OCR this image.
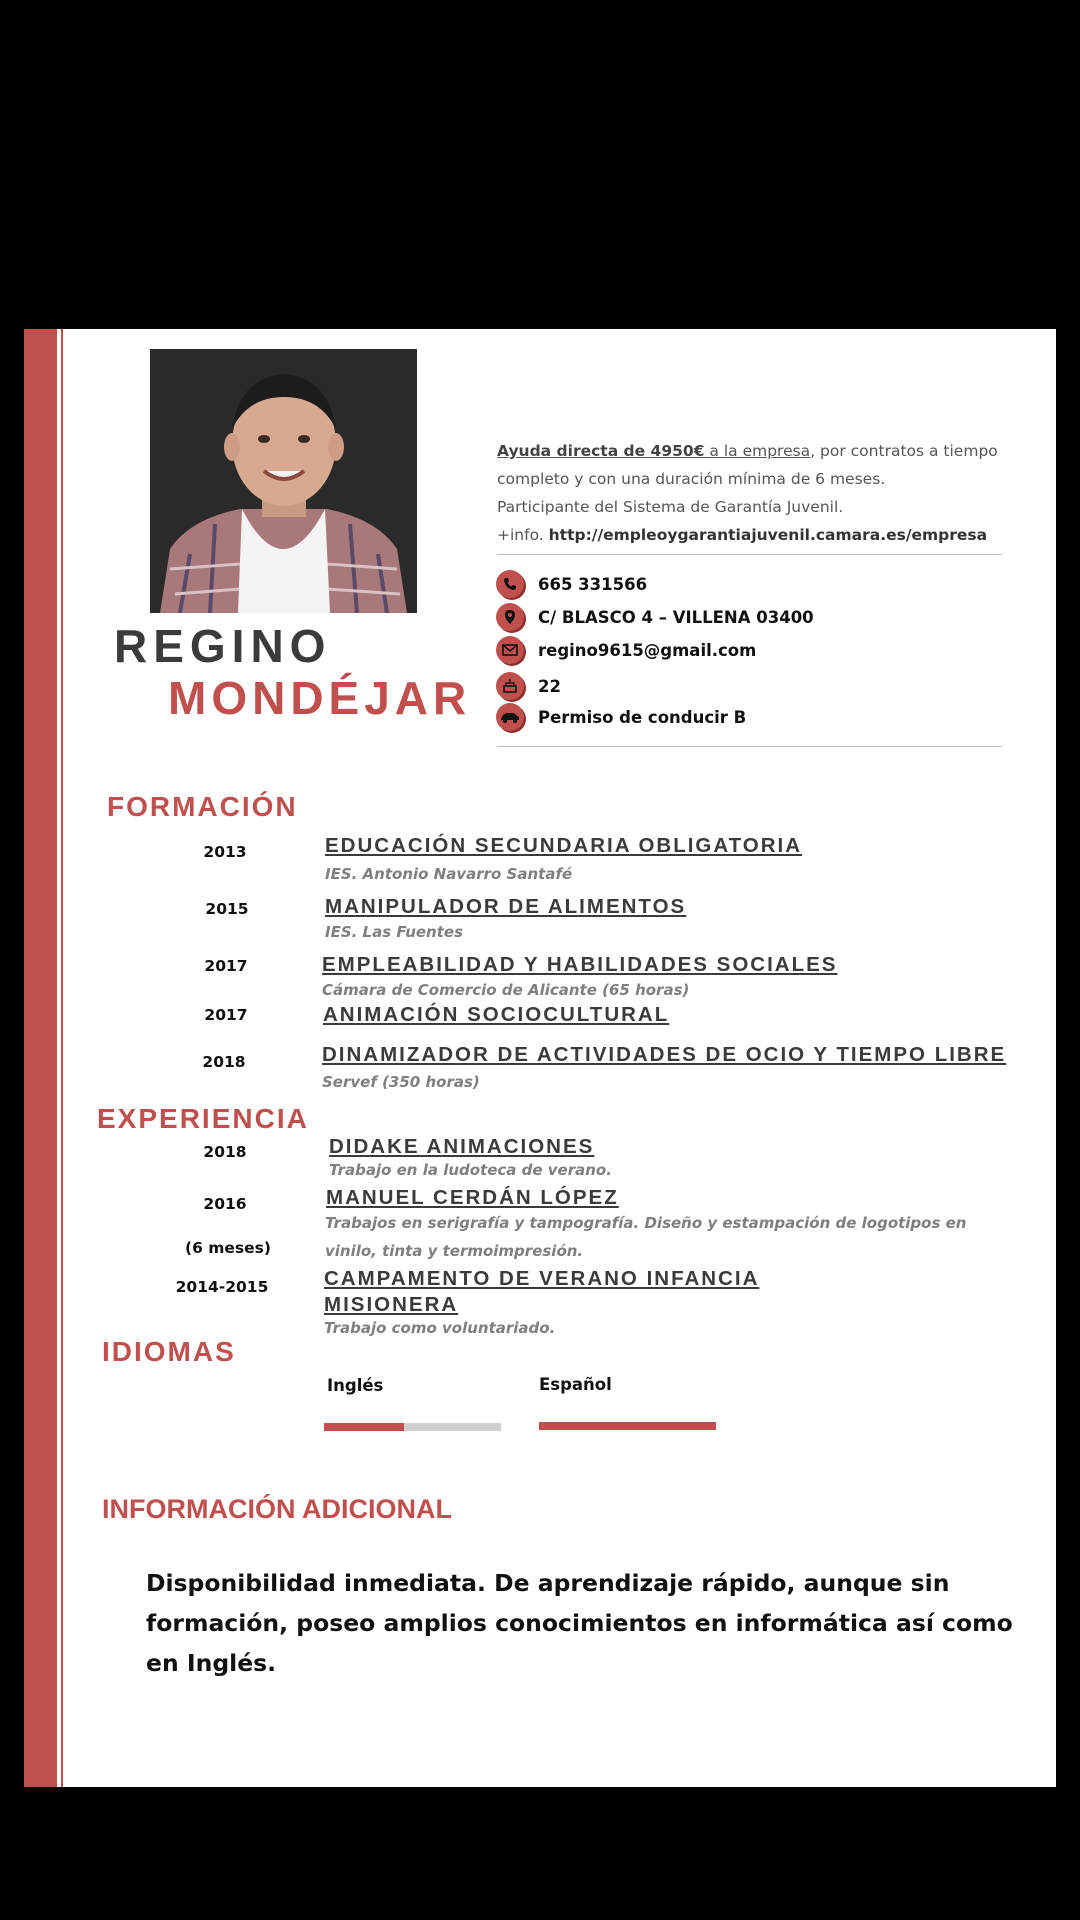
REGINO
MONDÉJAR
Ayuda directa de 4950€ a la empresa, por contratos a tiempo completo y con una duración mínima de 6 meses.
Participante del Sistema de Garantía Juvenil.
+info. http://empleoygarantiajuvenil.camara.es/empresa
665 331566
C/ BLASCO 4 – VILLENA 03400
regino9615@gmail.com
22
Permiso de conducir B
FORMACIÓN
2013	EDUCACIÓN SECUNDARIA OBLIGATORIA
IES. Antonio Navarro Santafé
2015	MANIPULADOR DE ALIMENTOS
IES. Las Fuentes
2017	EMPLEABILIDAD Y HABILIDADES SOCIALES
Cámara de Comercio de Alicante (65 horas)
2017	ANIMACIÓN SOCIOCULTURAL
2018	DINAMIZADOR DE ACTIVIDADES DE OCIO Y TIEMPO LIBRE
Servef (350 horas)
EXPERIENCIA
2018	DIDAKE ANIMACIONES
Trabajo en la ludoteca de verano.
2016	MANUEL CERDÁN LÓPEZ
Trabajos en serigrafía y tampografía. Diseño y estampación de logotipos en vinilo, tinta y termoimpresión.
(6 meses)
2014-2015	CAMPAMENTO DE VERANO INFANCIA MISIONERA
Trabajo como voluntariado.
IDIOMAS
Inglés	Español
INFORMACIÓN ADICIONAL
Disponibilidad inmediata. De aprendizaje rápido, aunque sin formación, poseo amplios conocimientos en informática así como en Inglés.
